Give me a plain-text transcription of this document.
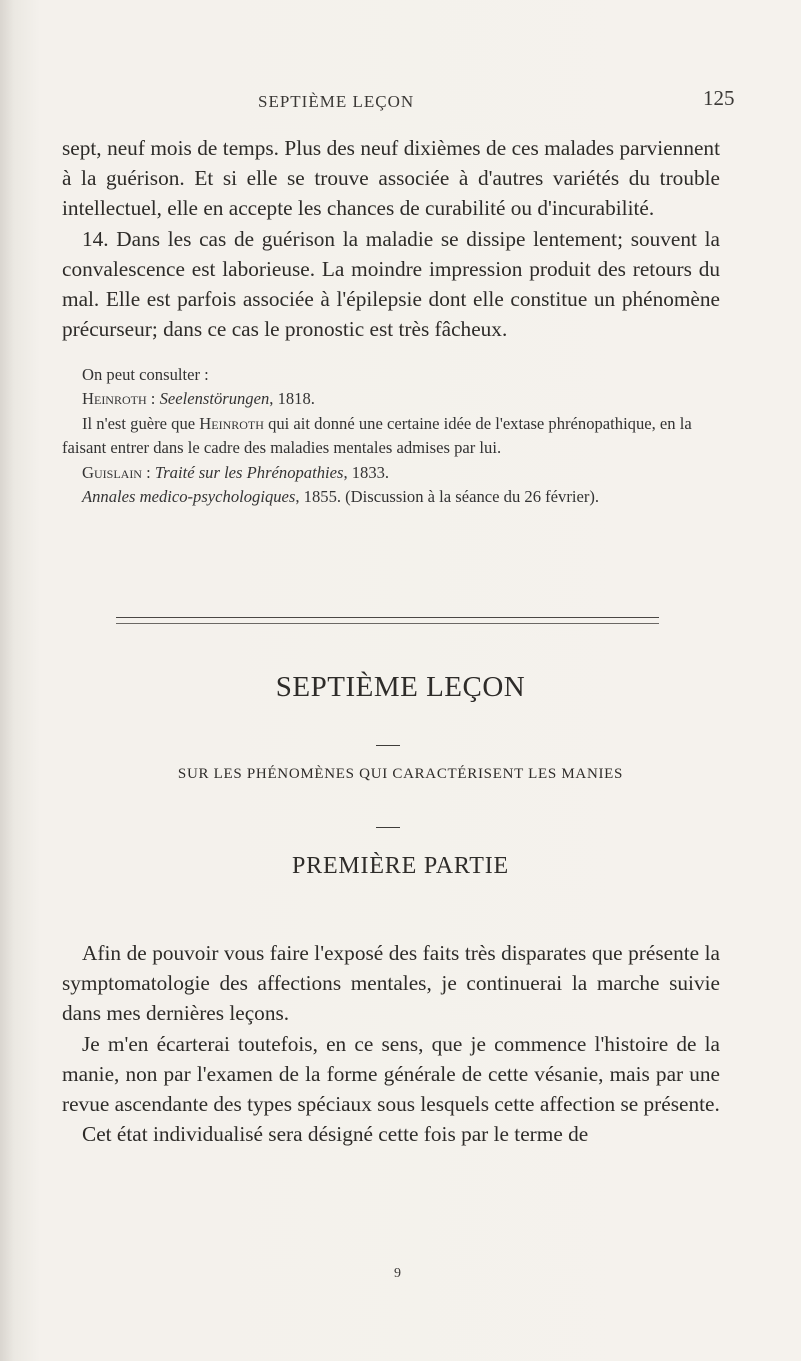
SEPTIÈME LEÇON	125

sept, neuf mois de temps. Plus des neuf dixièmes de ces malades parviennent à la guérison. Et si elle se trouve associée à d'autres variétés du trouble intellectuel, elle en accepte les chances de curabilité ou d'incurabilité.

14. Dans les cas de guérison la maladie se dissipe lentement; souvent la convalescence est laborieuse. La moindre impression produit des retours du mal. Elle est parfois associée à l'épilepsie dont elle constitue un phénomène précurseur; dans ce cas le pronostic est très fâcheux.

On peut consulter :

Heinroth : Seelenstörungen, 1818.

Il n'est guère que Heinroth qui ait donné une certaine idée de l'extase phrénopathique, en la faisant entrer dans le cadre des maladies mentales admises par lui.

Guislain : Traité sur les Phrénopathies, 1833.

Annales medico-psychologiques, 1855. (Discussion à la séance du 26 février).

SEPTIÈME LEÇON
SUR LES PHÉNOMÈNES QUI CARACTÉRISENT LES MANIES
PREMIÈRE PARTIE

Afin de pouvoir vous faire l'exposé des faits très disparates que présente la symptomatologie des affections mentales, je continuerai la marche suivie dans mes dernières leçons.

Je m'en écarterai toutefois, en ce sens, que je commence l'histoire de la manie, non par l'examen de la forme générale de cette vésanie, mais par une revue ascendante des types spéciaux sous lesquels cette affection se présente.

Cet état individualisé sera désigné cette fois par le terme de

9
